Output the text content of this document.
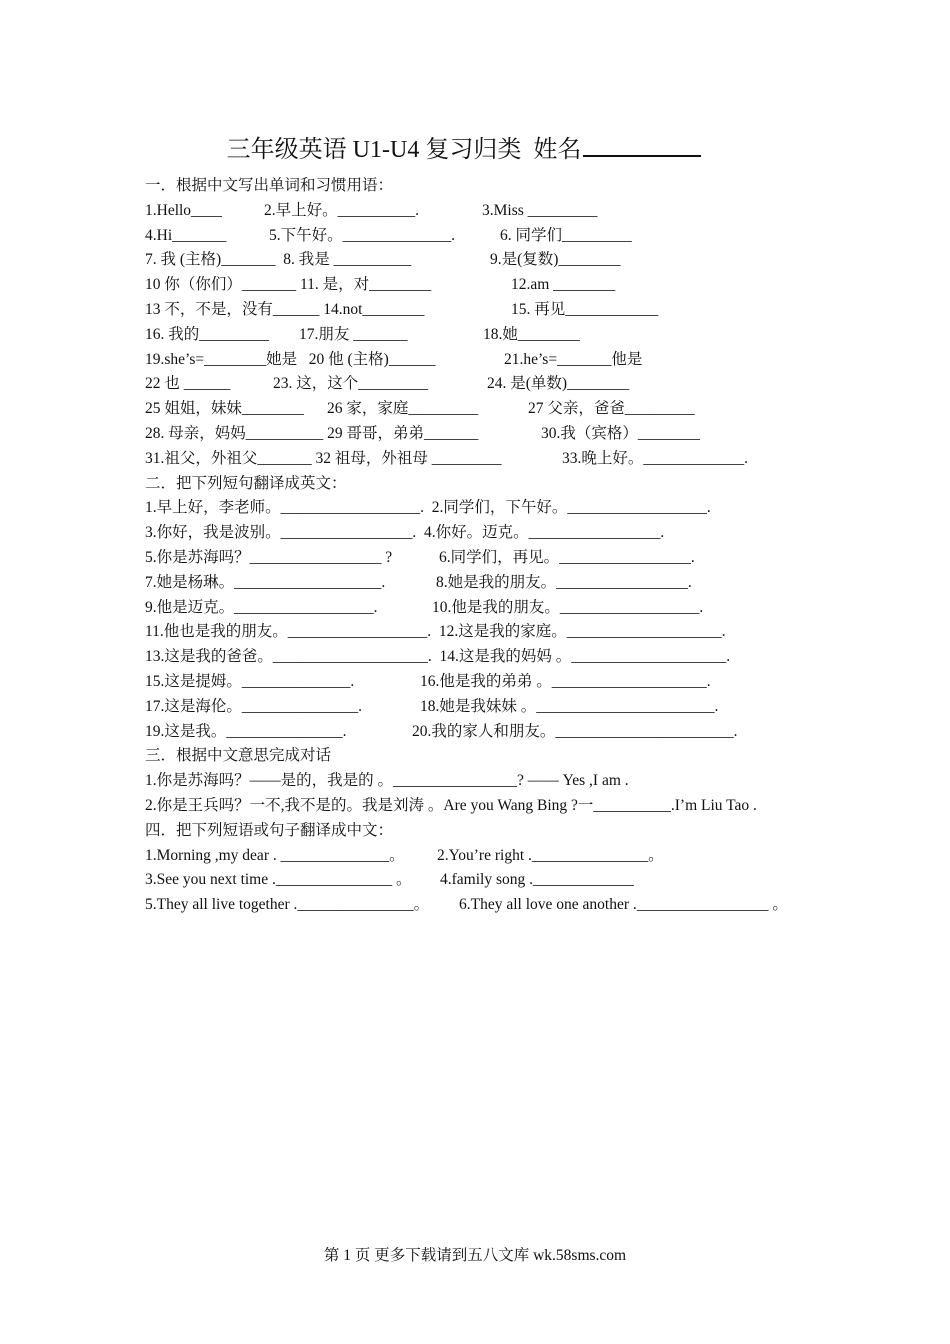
三年级英语 U1-U4 复习归类  姓名
一．根据中文写出单词和习惯用语：

1.Hello____

	2.早上好。__________.

	3.Miss _________

4.Hi_______

	5.下午好。______________.

	6. 同学们_________

7. 我 (主格)_______  8. 我是 __________

	9.是(复数)________

10 你（你们）_______ 11. 是，对________

	12.am ________

13 不，不是，没有______ 14.not________

	15. 再见____________

16. 我的_________

17.朋友 _______

	18.她________

19.she’s=________她是   20 他 (主格)______

	21.he’s=_______他是

22 也 ______

	23. 这，这个_________

	24. 是(单数)________

25 姐姐，妹妹________

26 家，家庭_________

	27 父亲，爸爸_________

28. 母亲，妈妈__________ 29 哥哥，弟弟_______

	30.我（宾格）________

31.祖父，外祖父_______ 32 祖母，外祖母 _________

	33.晚上好。_____________.

二．把下列短句翻译成英文：

1.早上好，李老师。__________________.  2.同学们，下午好。__________________.

3.你好，我是波别。_________________.  4.你好。迈克。_________________.

5.你是苏海吗？_________________ ?

	6.同学们，再见。_________________.

7.她是杨琳。___________________.

	8.她是我的朋友。_________________.

9.他是迈克。__________________.

	10.他是我的朋友。__________________.

11.他也是我的朋友。__________________.  12.这是我的家庭。____________________.

13.这是我的爸爸。____________________.  14.这是我的妈妈 。____________________.

15.这是提姆。______________.

	16.他是我的弟弟 。____________________.

17.这是海伦。_______________.

	18.她是我妹妹 。_______________________.

19.这是我。_______________.

	20.我的家人和朋友。_______________________.

三．根据中文意思完成对话

1.你是苏海吗？——是的，我是的 。________________? —— Yes ,I am .

2.你是王兵吗？一不,我不是的。我是刘涛 。Are you Wang Bing ?一__________.I’m Liu Tao .

四．把下列短语或句子翻译成中文：

1.Morning ,my dear . ______________。

2.You’re right ._______________。

3.See you next time ._______________ 。

4.family song ._____________

5.They all live together ._______________。

6.They all love one another ._________________ 。

第 1 页 更多下载请到五八文库 wk.58sms.com
